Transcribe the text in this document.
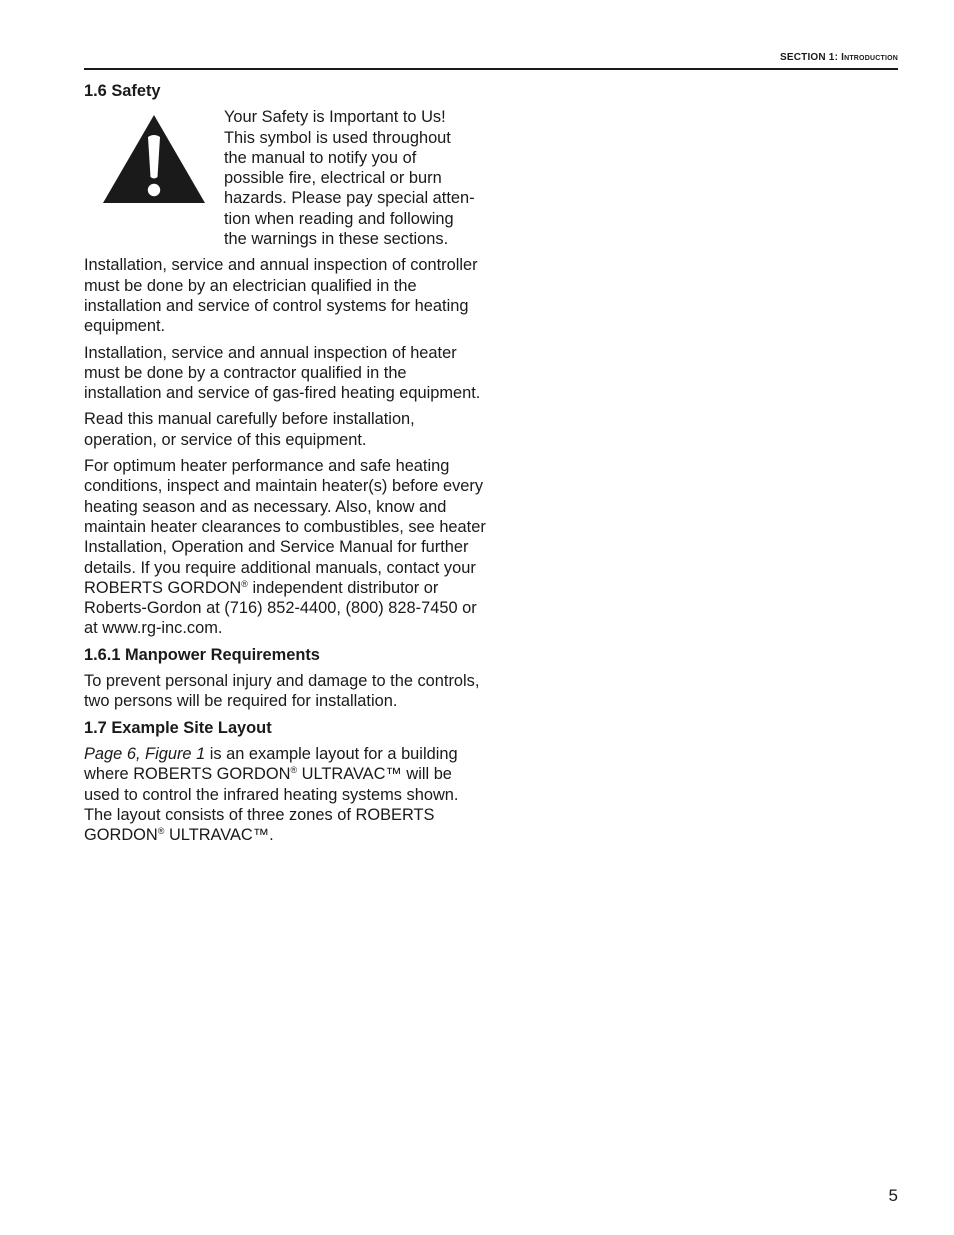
SECTION 1: Introduction
1.6 Safety
Your Safety is Important to Us!
This symbol is used throughout
the manual to notify you of
possible fire, electrical or burn
hazards. Please pay special atten-
tion when reading and following
the warnings in these sections.

Installation, service and annual inspection of controller must be done by an electrician qualified in the installation and service of control systems for heating equipment.

Installation, service and annual inspection of heater must be done by a contractor qualified in the installation and service of gas-fired heating equipment.

Read this manual carefully before installation, operation, or service of this equipment.

For optimum heater performance and safe heating conditions, inspect and maintain heater(s) before every heating season and as necessary. Also, know and maintain heater clearances to combustibles, see heater Installation, Operation and Service Manual for further details. If you require additional manuals, contact your ROBERTS GORDON® independent distributor or Roberts-Gordon at (716) 852-4400, (800) 828-7450 or at www.rg-inc.com.

1.6.1 Manpower Requirements

To prevent personal injury and damage to the controls, two persons will be required for installation.

1.7 Example Site Layout

Page 6, Figure 1 is an example layout for a building where ROBERTS GORDON® ULTRAVAC™ will be used to control the infrared heating systems shown. The layout consists of three zones of ROBERTS GORDON® ULTRAVAC™.

5
